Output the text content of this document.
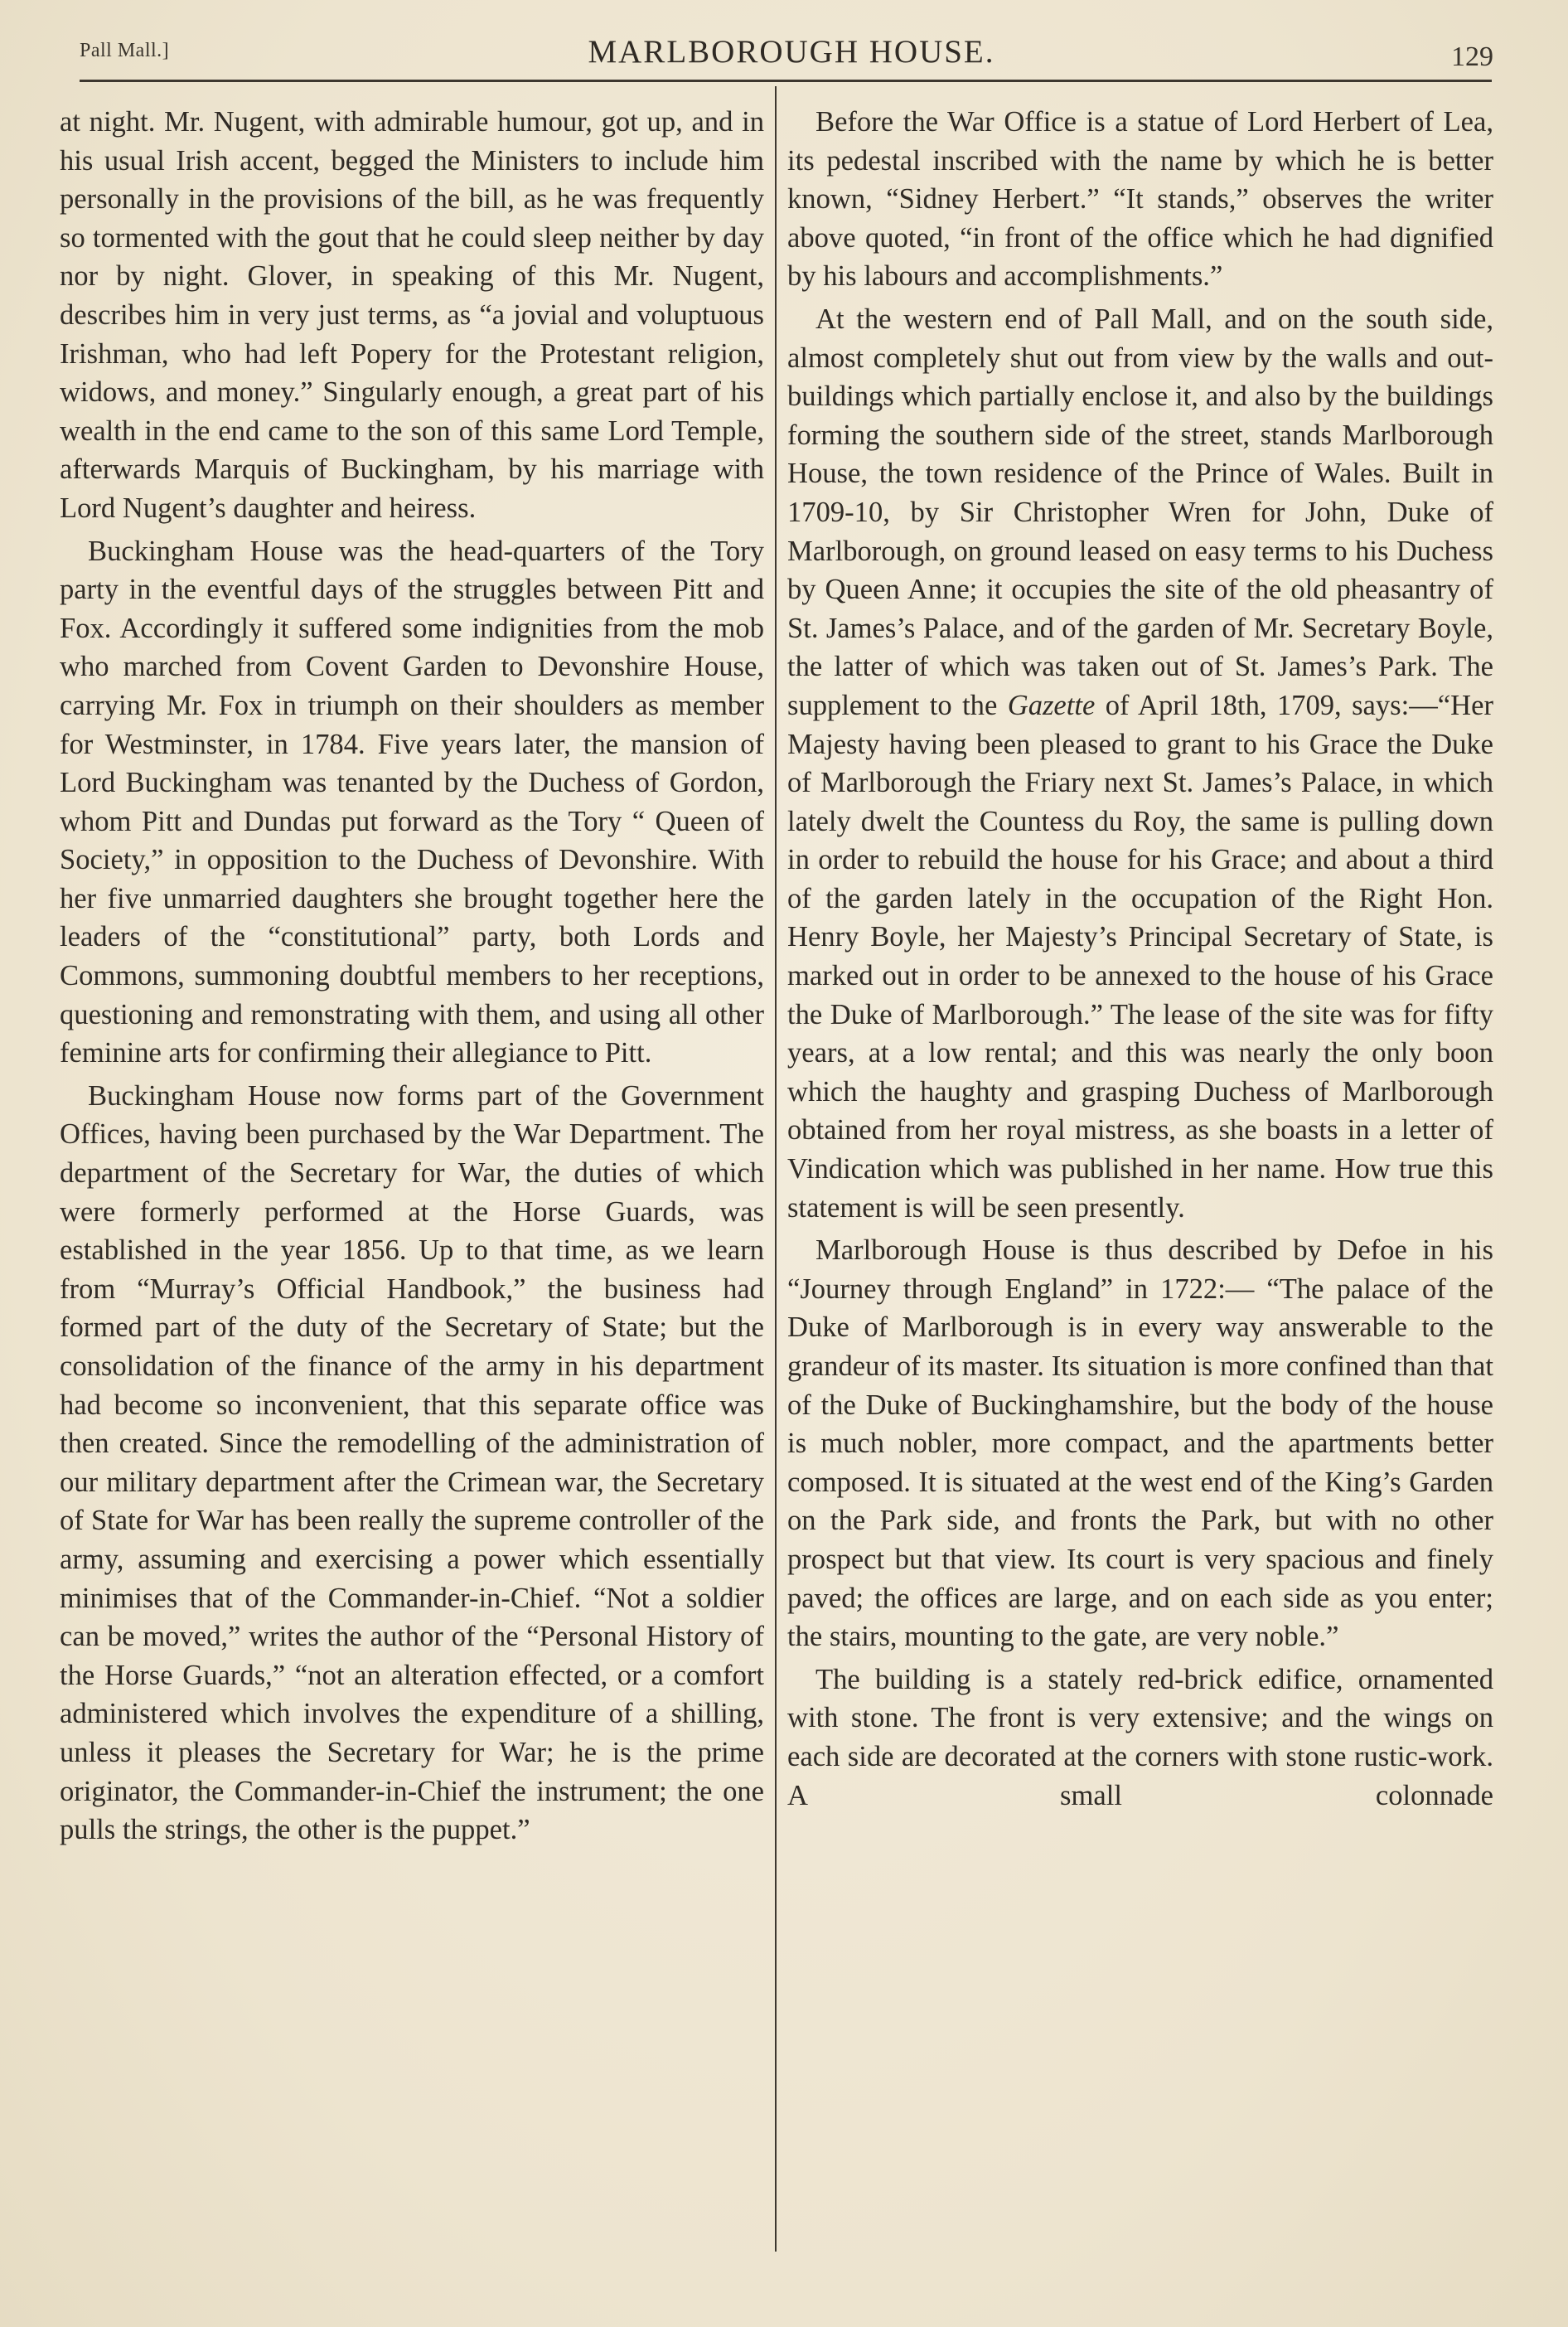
Pall Mall.]	MARLBOROUGH HOUSE.	129

at night. Mr. Nugent, with admirable humour, got up, and in his usual Irish accent, begged the Ministers to include him personally in the provisions of the bill, as he was frequently so tormented with the gout that he could sleep neither by day nor by night. Glover, in speaking of this Mr. Nugent, describes him in very just terms, as “a jovial and voluptuous Irishman, who had left Popery for the Protestant religion, widows, and money.” Singularly enough, a great part of his wealth in the end came to the son of this same Lord Temple, afterwards Marquis of Buckingham, by his marriage with Lord Nugent’s daughter and heiress.

Buckingham House was the head-quarters of the Tory party in the eventful days of the struggles between Pitt and Fox. Accordingly it suffered some indignities from the mob who marched from Covent Garden to Devonshire House, carrying Mr. Fox in triumph on their shoulders as member for Westminster, in 1784. Five years later, the mansion of Lord Buckingham was tenanted by the Duchess of Gordon, whom Pitt and Dundas put forward as the Tory “ Queen of Society,” in opposition to the Duchess of Devonshire. With her five unmarried daughters she brought together here the leaders of the “constitutional” party, both Lords and Commons, summoning doubtful members to her receptions, questioning and remonstrating with them, and using all other feminine arts for confirming their allegiance to Pitt.

Buckingham House now forms part of the Government Offices, having been purchased by the War Department. The department of the Secretary for War, the duties of which were formerly performed at the Horse Guards, was established in the year 1856. Up to that time, as we learn from “Murray’s Official Handbook,” the business had formed part of the duty of the Secretary of State; but the consolidation of the finance of the army in his department had become so inconvenient, that this separate office was then created. Since the remodelling of the administration of our military department after the Crimean war, the Secretary of State for War has been really the supreme controller of the army, assuming and exercising a power which essentially minimises that of the Commander-in-Chief. “Not a soldier can be moved,” writes the author of the “Personal History of the Horse Guards,” “not an alteration effected, or a comfort administered which involves the expenditure of a shilling, unless it pleases the Secretary for War; he is the prime originator, the Commander-in-Chief the instrument; the one pulls the strings, the other is the puppet.”

Before the War Office is a statue of Lord Herbert of Lea, its pedestal inscribed with the name by which he is better known, “Sidney Herbert.” “It stands,” observes the writer above quoted, “in front of the office which he had dignified by his labours and accomplishments.”

At the western end of Pall Mall, and on the south side, almost completely shut out from view by the walls and out-buildings which partially enclose it, and also by the buildings forming the southern side of the street, stands Marlborough House, the town residence of the Prince of Wales. Built in 1709-10, by Sir Christopher Wren for John, Duke of Marlborough, on ground leased on easy terms to his Duchess by Queen Anne; it occupies the site of the old pheasantry of St. James’s Palace, and of the garden of Mr. Secretary Boyle, the latter of which was taken out of St. James’s Park. The supplement to the Gazette of April 18th, 1709, says:—“Her Majesty having been pleased to grant to his Grace the Duke of Marlborough the Friary next St. James’s Palace, in which lately dwelt the Countess du Roy, the same is pulling down in order to rebuild the house for his Grace; and about a third of the garden lately in the occupation of the Right Hon. Henry Boyle, her Majesty’s Principal Secretary of State, is marked out in order to be annexed to the house of his Grace the Duke of Marlborough.” The lease of the site was for fifty years, at a low rental; and this was nearly the only boon which the haughty and grasping Duchess of Marlborough obtained from her royal mistress, as she boasts in a letter of Vindication which was published in her name. How true this statement is will be seen presently.

Marlborough House is thus described by Defoe in his “Journey through England” in 1722:— “The palace of the Duke of Marlborough is in every way answerable to the grandeur of its master. Its situation is more confined than that of the Duke of Buckinghamshire, but the body of the house is much nobler, more compact, and the apartments better composed. It is situated at the west end of the King’s Garden on the Park side, and fronts the Park, but with no other prospect but that view. Its court is very spacious and finely paved; the offices are large, and on each side as you enter; the stairs, mounting to the gate, are very noble.”

The building is a stately red-brick edifice, ornamented with stone. The front is very extensive; and the wings on each side are decorated at the corners with stone rustic-work. A small colonnade
